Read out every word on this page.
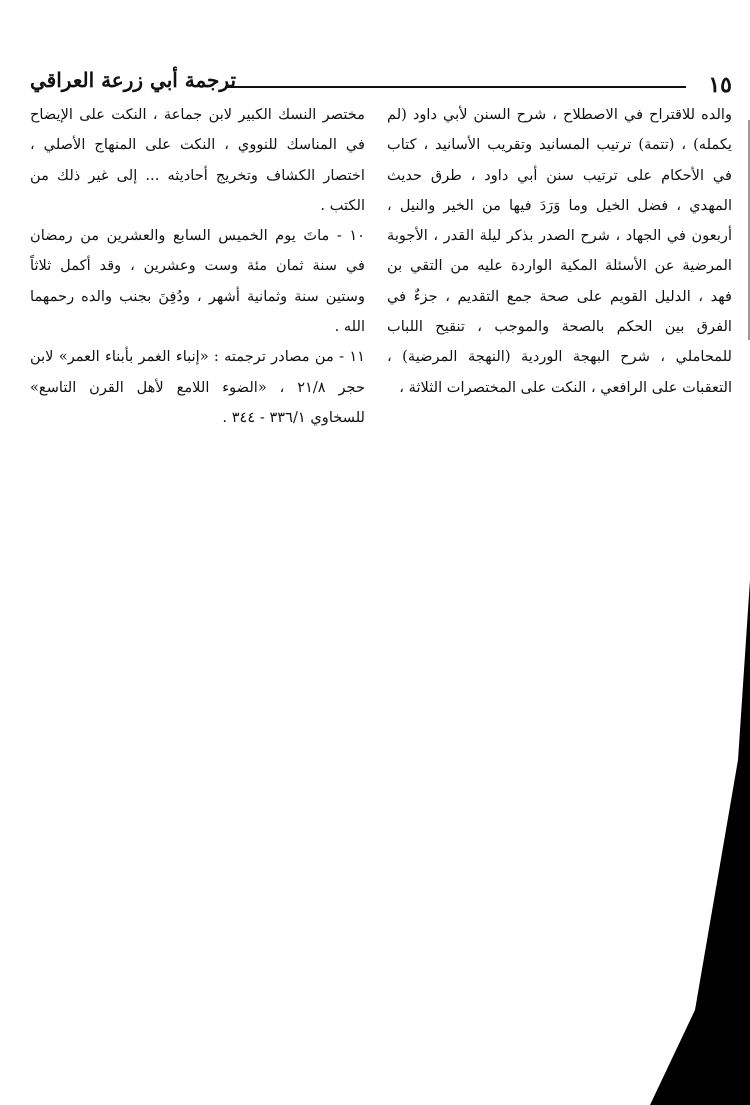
١٥
ترجمة أبي زرعة العراقي

والده للاقتراح في الاصطلاح ، شرح السنن لأبي داود (لم يكمله) ، (تتمة) ترتيب المسانيد وتقريب الأسانيد ، كتاب في الأحكام على ترتيب سنن أبي داود ، طرق حديث المهدي ، فضل الخيل وما وَرَدَ فيها من الخير والنيل ، أربعون في الجهاد ، شرح الصدر بذكر ليلة القدر ، الأجوبة المرضية عن الأسئلة المكية الواردة عليه من التقي بن فهد ، الدليل القويم على صحة جمع التقديم ، جزءٌ في الفرق بين الحكم بالصحة والموجب ، تنقيح اللباب للمحاملي ، شرح البهجة الوردية (النهجة المرضية) ، التعقبات على الرافعي ، النكت على المختصرات الثلاثة ،

مختصر النسك الكبير لابن جماعة ، النكت على الإيضاح في المناسك للنووي ، النكت على المنهاج الأصلي ، اختصار الكشاف وتخريج أحاديثه ... إلى غير ذلك من الكتب .

١٠ - ماتَ يوم الخميس السابع والعشرين من رمضان في سنة ثمان مئة وست وعشرين ، وقد أكمل ثلاثاً وستين سنة وثمانية أشهر ، ودُفِنَ بجنب والده رحمهما الله .

١١ - من مصادر ترجمته : «إنباء الغمر بأبناء العمر» لابن حجر ٢١/٨ ، «الضوء اللامع لأهل القرن التاسع» للسخاوي ٣٣٦/١ - ٣٤٤ .
